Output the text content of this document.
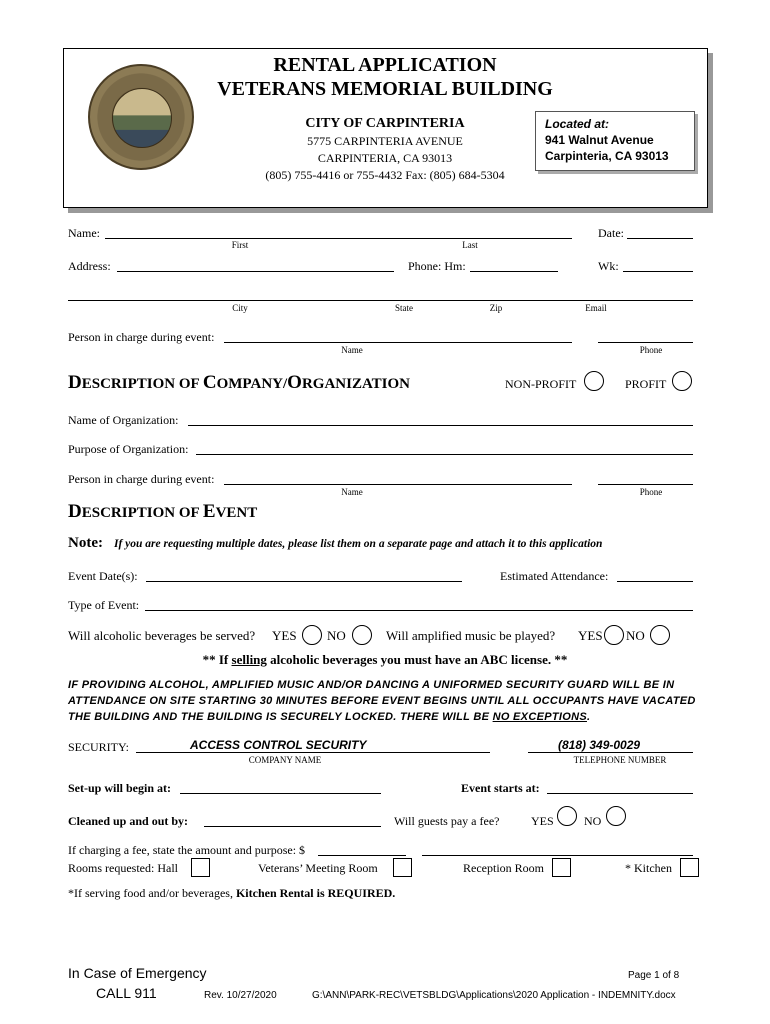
RENTAL APPLICATION
VETERANS MEMORIAL BUILDING
CITY OF CARPINTERIA
5775 CARPINTERIA AVENUE
CARPINTERIA, CA 93013
(805) 755-4416 or 755-4432 Fax: (805) 684-5304
Located at:
941 Walnut Avenue
Carpinteria, CA 93013
Name:
First	Last
Date:
Address:	Phone: Hm:	Wk:
City	State	Zip	Email
Person in charge during event:
Name	Phone
DESCRIPTION OF COMPANY/ORGANIZATION	NON-PROFIT	PROFIT
Name of Organization:
Purpose of Organization:
Person in charge during event:
Name	Phone
DESCRIPTION OF EVENT
Note: If you are requesting multiple dates, please list them on a separate page and attach it to this application
Event Date(s):	Estimated Attendance:
Type of Event:
Will alcoholic beverages be served? YES NO	Will amplified music be played? YES NO
** If selling alcoholic beverages you must have an ABC license. **
IF PROVIDING ALCOHOL, AMPLIFIED MUSIC AND/OR DANCING A UNIFORMED SECURITY GUARD WILL BE IN
ATTENDANCE ON SITE STARTING 30 MINUTES BEFORE EVENT BEGINS UNTIL ALL OCCUPANTS HAVE VACATED
THE BUILDING AND THE BUILDING IS SECURELY LOCKED. THERE WILL BE NO EXCEPTIONS.
SECURITY:	ACCESS CONTROL SECURITY	(818) 349-0029
COMPANY NAME	TELEPHONE NUMBER
Set-up will begin at:	Event starts at:
Cleaned up and out by:	Will guests pay a fee?	YES	NO
If charging a fee, state the amount and purpose: $
Rooms requested: Hall	Veterans’ Meeting Room	Reception Room	* Kitchen
*If serving food and/or beverages, Kitchen Rental is REQUIRED.
In Case of Emergency
CALL 911	Rev. 10/27/2020
Page 1 of 8
G:\ANN\PARK-REC\VETSBLDG\Applications\2020 Application - INDEMNITY.docx
